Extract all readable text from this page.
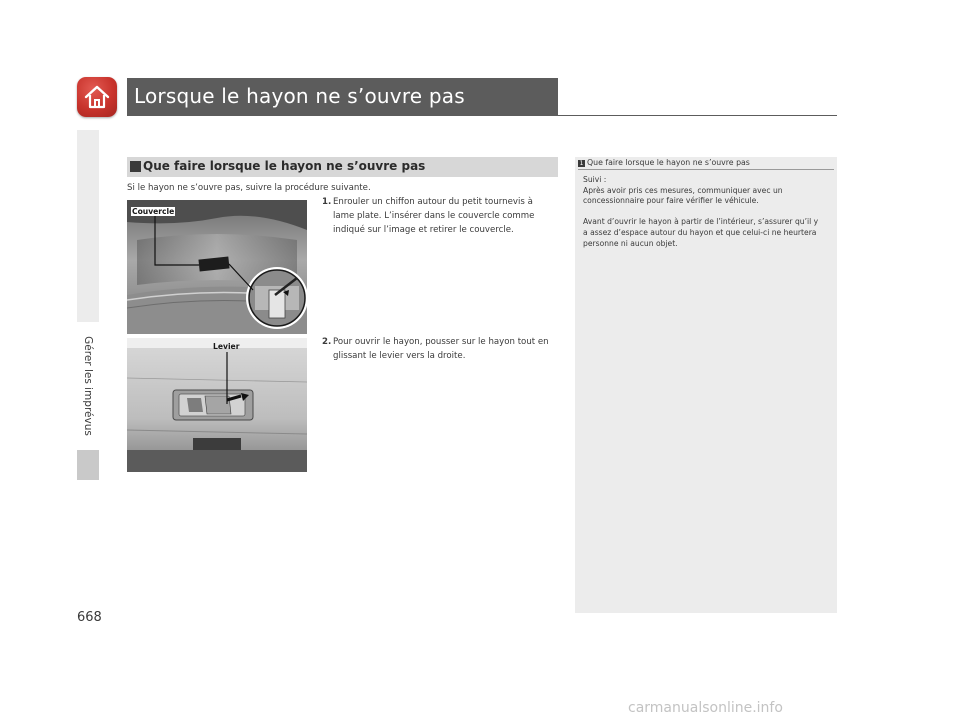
Lorsque le hayon ne s’ouvre pas
Gérer les imprévus
668
Que faire lorsque le hayon ne s’ouvre pas
Si le hayon ne s’ouvre pas, suivre la procédure suivante.
Couvercle
1. Enrouler un chiffon autour du petit tournevis à
lame plate. L’insérer dans le couvercle comme
indiqué sur l’image et retirer le couvercle.
Levier	2. Pour ouvrir le hayon, pousser sur le hayon tout en
glissant le levier vers la droite.
1 Que faire lorsque le hayon ne s’ouvre pas

Suivi :
Après avoir pris ces mesures, communiquer avec un
concessionnaire pour faire vérifier le véhicule.

Avant d’ouvrir le hayon à partir de l’intérieur, s’assurer qu’il y
a assez d’espace autour du hayon et que celui-ci ne heurtera
personne ni aucun objet.

carmanualsonline.info
